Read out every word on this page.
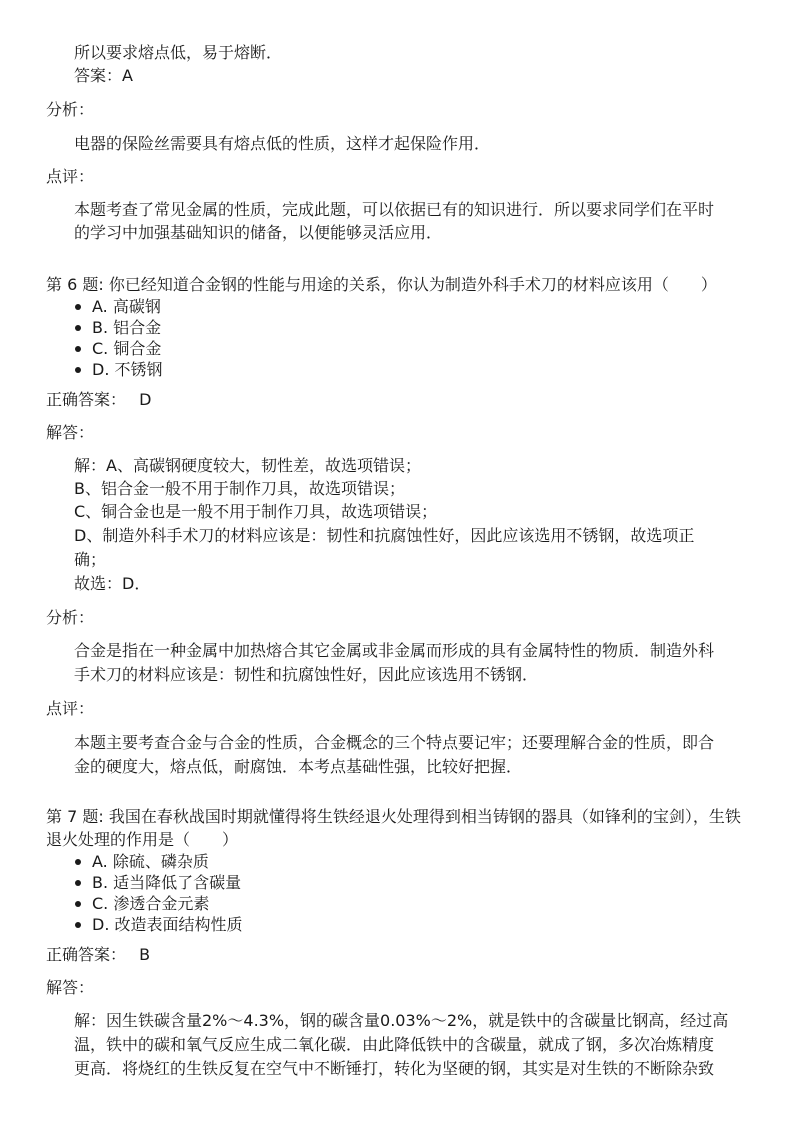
所以要求熔点低，易于熔断．
答案：A
分析：
电器的保险丝需要具有熔点低的性质，这样才起保险作用．
点评：
本题考查了常见金属的性质，完成此题，可以依据已有的知识进行．所以要求同学们在平时
的学习中加强基础知识的储备，以便能够灵活应用．
第 6 题: 你已经知道合金钢的性能与用途的关系，你认为制造外科手术刀的材料应该用（　　）
A. 高碳钢
B. 铝合金
C. 铜合金
D. 不锈钢
正确答案： D
解答：
解：A、高碳钢硬度较大，韧性差，故选项错误；
B、铝合金一般不用于制作刀具，故选项错误；
C、铜合金也是一般不用于制作刀具，故选项错误；
D、制造外科手术刀的材料应该是：韧性和抗腐蚀性好，因此应该选用不锈钢，故选项正
确；
故选：D．
分析：
合金是指在一种金属中加热熔合其它金属或非金属而形成的具有金属特性的物质．制造外科
手术刀的材料应该是：韧性和抗腐蚀性好，因此应该选用不锈钢．
点评：
本题主要考查合金与合金的性质，合金概念的三个特点要记牢；还要理解合金的性质，即合
金的硬度大，熔点低，耐腐蚀．本考点基础性强，比较好把握．
第 7 题: 我国在春秋战国时期就懂得将生铁经退火处理得到相当铸钢的器具（如锋利的宝剑），生铁
退火处理的作用是（　　）
A. 除硫、磷杂质
B. 适当降低了含碳量
C. 渗透合金元素
D. 改造表面结构性质
正确答案： B
解答：
解：因生铁碳含量2%～4.3%，钢的碳含量0.03%～2%，就是铁中的含碳量比钢高，经过高
温，铁中的碳和氧气反应生成二氧化碳．由此降低铁中的含碳量，就成了钢，多次冶炼精度
更高．将烧红的生铁反复在空气中不断锤打，转化为坚硬的钢，其实是对生铁的不断除杂致
